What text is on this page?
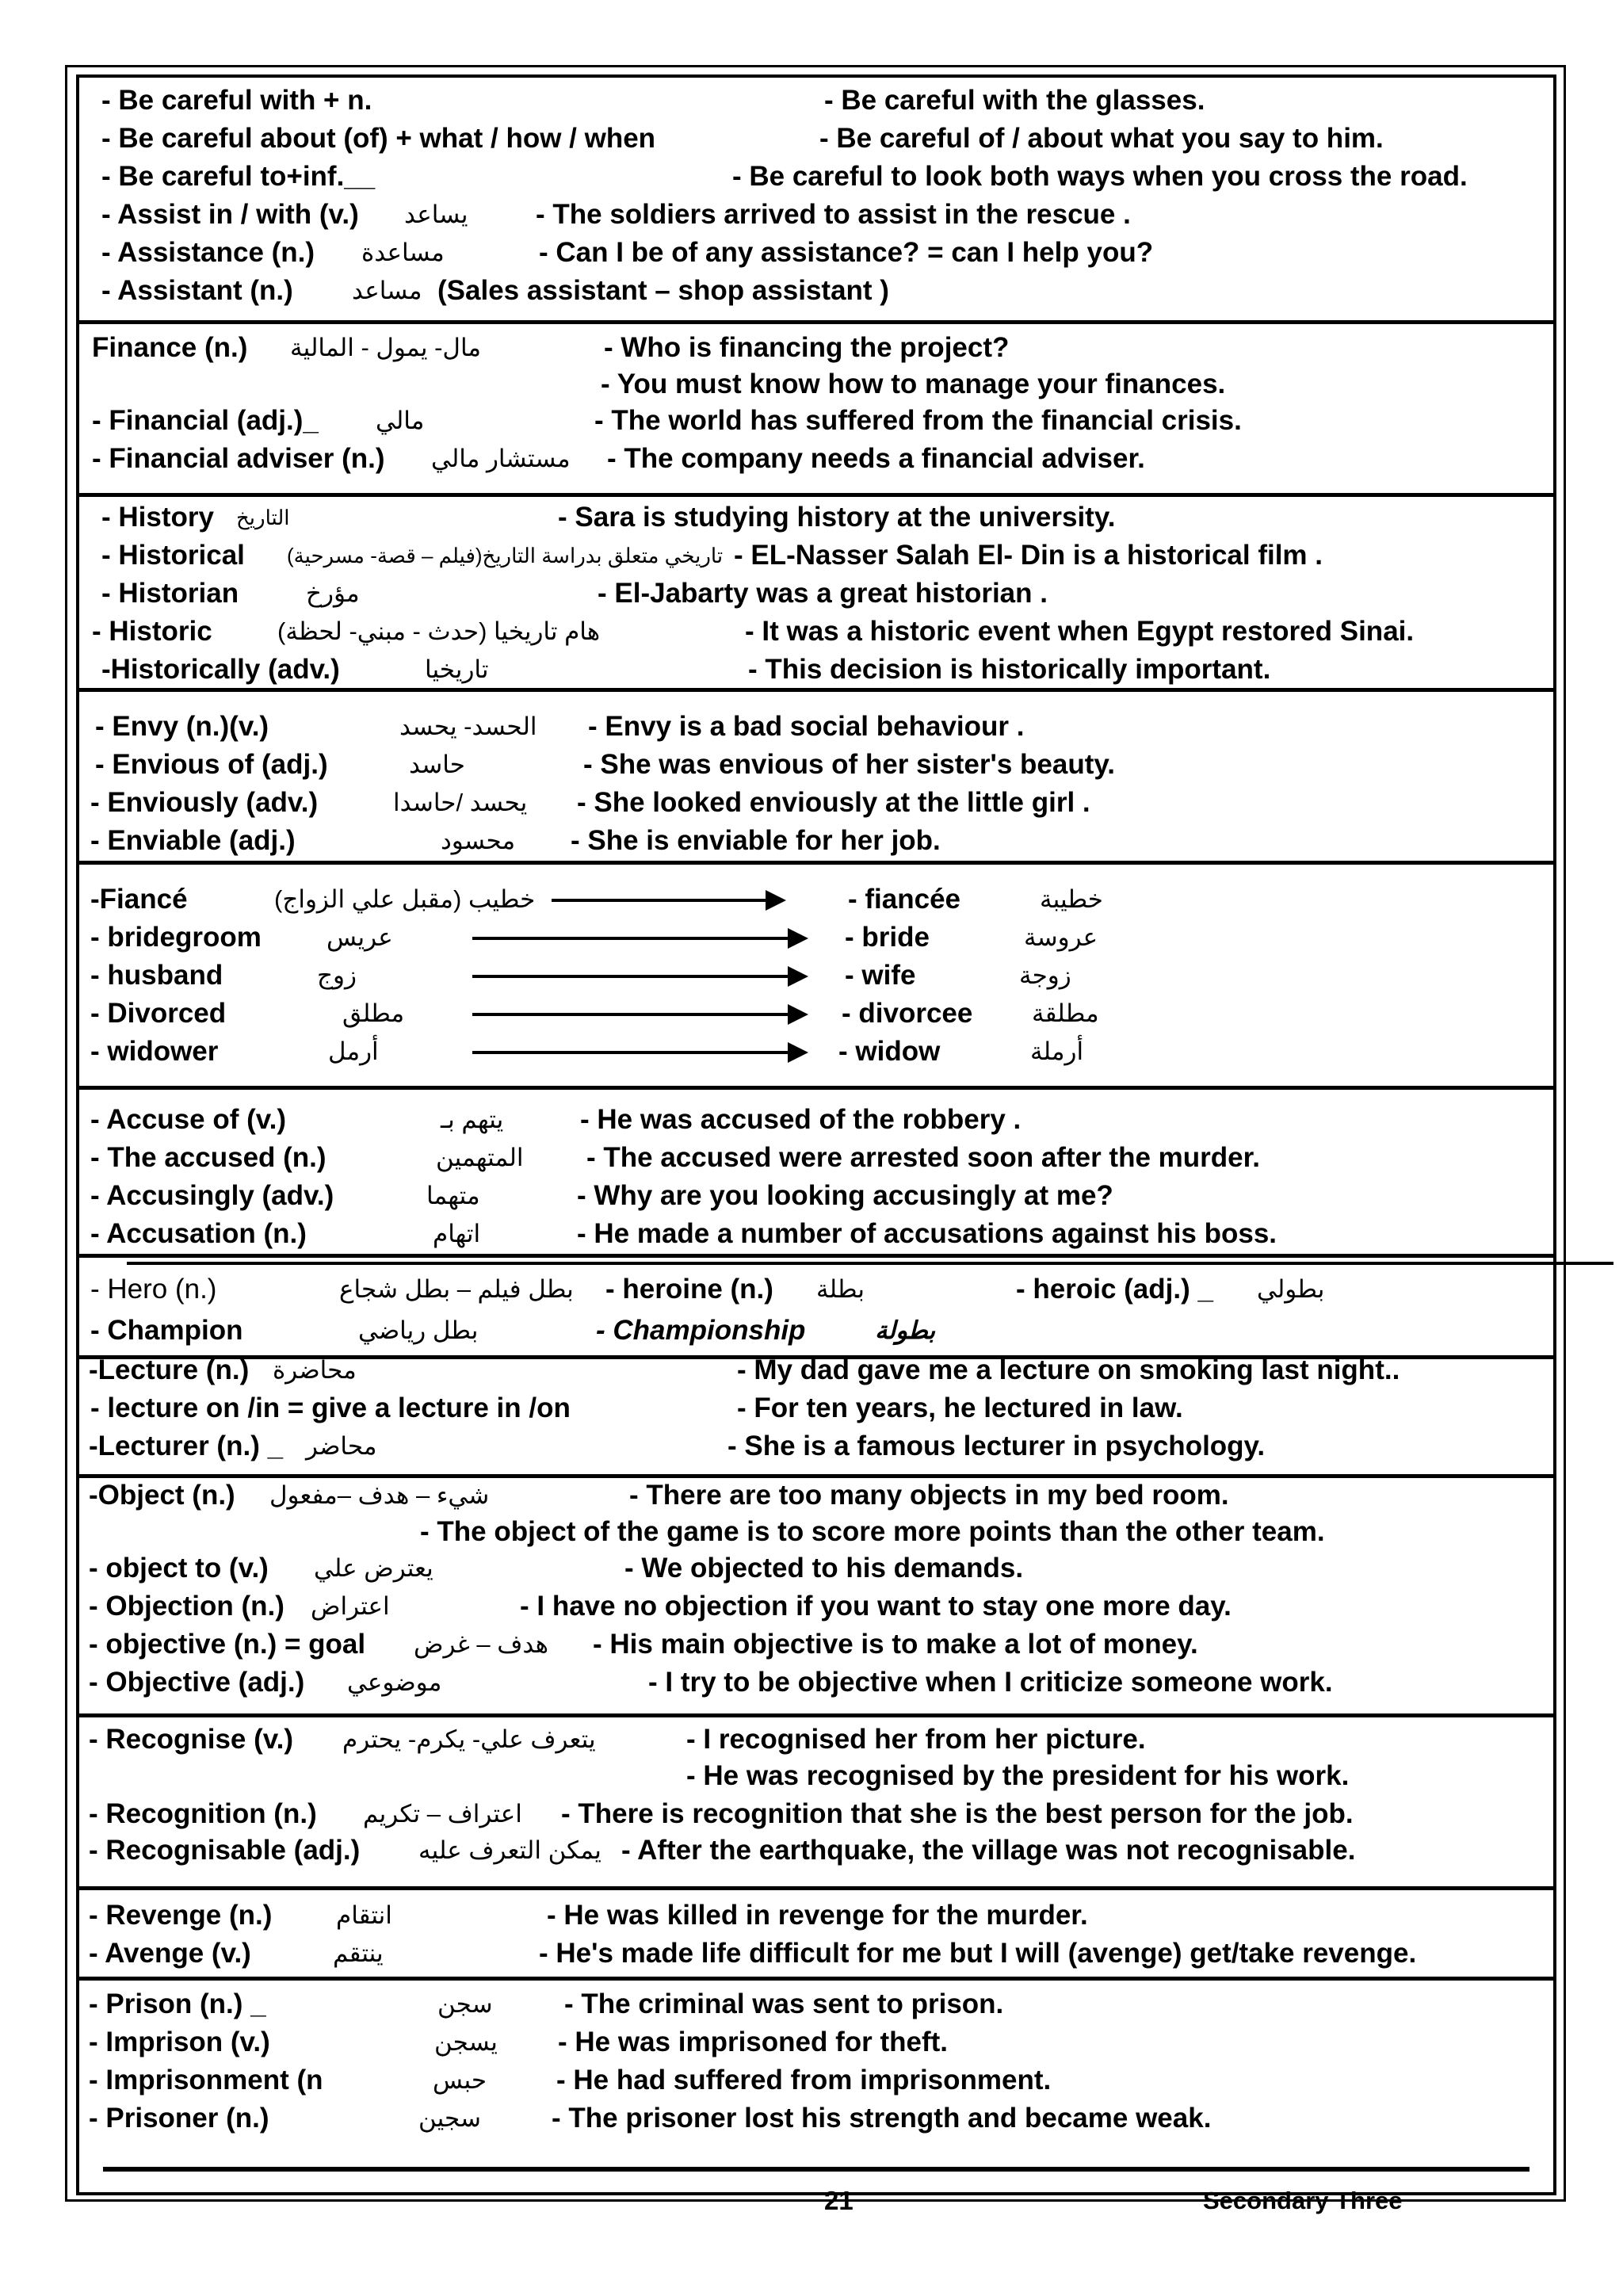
- Be careful with + n.	- Be careful with the glasses.
- Be careful about (of) + what / how / when	- Be careful of / about what you say to him.
- Be careful to+inf.__	- Be careful to look both ways when you cross the road.
- Assist in / with (v.) يساعد - The soldiers arrived to assist in the rescue .
- Assistance (n.) مساعدة	- Can I be of any assistance? = can I help you?
- Assistant (n.) مساعد (Sales assistant – shop assistant )
Finance (n.) مال- يمول - المالية	- Who is financing the project?
- You must know how to manage your finances.
- Financial (adj.)_ مالي	- The world has suffered from the financial crisis.
- Financial adviser (n.) مستشار مالي - The company needs a financial adviser.
- History التاريخ	- Sara is studying history at the university.
- Historical تاريخي متعلق بدراسة التاريخ(فيلم – قصة- مسرحية) - EL-Nasser Salah El- Din is a historical film .
- Historian	مؤرخ	- El-Jabarty was a great historian .
- Historic	هام تاريخيا (حدث - مبني- لحظة)	- It was a historic event when Egypt restored Sinai.
-Historically (adv.)	تاريخيا	- This decision is historically important.
- Envy (n.)(v.)	الحسد- يحسد - Envy is a bad social behaviour .
- Envious of (adj.)	حاسد	- She was envious of her sister's beauty.
- Enviously (adv.)	يحسد /حاسدا - She looked enviously at the little girl .
- Enviable (adj.)	محسود - She is enviable for her job.
-Fiancé	خطيب (مقبل علي الزواج)	- fiancée	خطيبة
- bridegroom	عريس	- bride	عروسة
- husband	زوج	- wife	زوجة
- Divorced	مطلق	- divorcee مطلقة
- widower	أرمل	- widow	أرملة
- Accuse of (v.)	يتهم بـ	- He was accused of the robbery .
- The accused (n.)	المتهمين - The accused were arrested soon after the murder.
- Accusingly (adv.)	متهما	- Why are you looking accusingly at me?
- Accusation (n.)	اتهام	- He made a number of accusations against his boss.
- Hero (n.)	بطل فيلم – بطل شجاع - heroine (n.) بطلة	- heroic (adj.) _ بطولي
- Champion	بطل رياضي	- Championship	بطولة
-Lecture (n.) محاضرة	- My dad gave me a lecture on smoking last night..
- lecture on /in = give a lecture in /on	- For ten years, he lectured in law.
-Lecturer (n.) _ محاضر	- She is a famous lecturer in psychology.
-Object (n.) شيء – هدف –مفعول	- There are too many objects in my bed room.
- The object of the game is to score more points than the other team.
- object to (v.) يعترض علي	- We objected to his demands.
- Objection (n.) اعتراض	- I have no objection if you want to stay one more day.
- objective (n.) = goal هدف – غرض - His main objective is to make a lot of money.
- Objective (adj.) موضوعي	- I try to be objective when I criticize someone work.
- Recognise (v.) يتعرف علي- يكرم- يحترم	- I recognised her from her picture.
- He was recognised by the president for his work.
- Recognition (n.) اعتراف – تكريم - There is recognition that she is the best person for the job.
- Recognisable (adj.) يمكن التعرف عليه - After the earthquake, the village was not recognisable.
- Revenge (n.)	انتقام	- He was killed in revenge for the murder.
- Avenge (v.)	ينتقم	- He's made life difficult for me but I will (avenge) get/take revenge.
- Prison (n.) _	سجن	- The criminal was sent to prison.
- Imprison (v.)	يسجن - He was imprisoned for theft.
- Imprisonment (n	حبس	- He had suffered from imprisonment.
- Prisoner (n.)	سجين	- The prisoner lost his strength and became weak.
21	Secondary Three
